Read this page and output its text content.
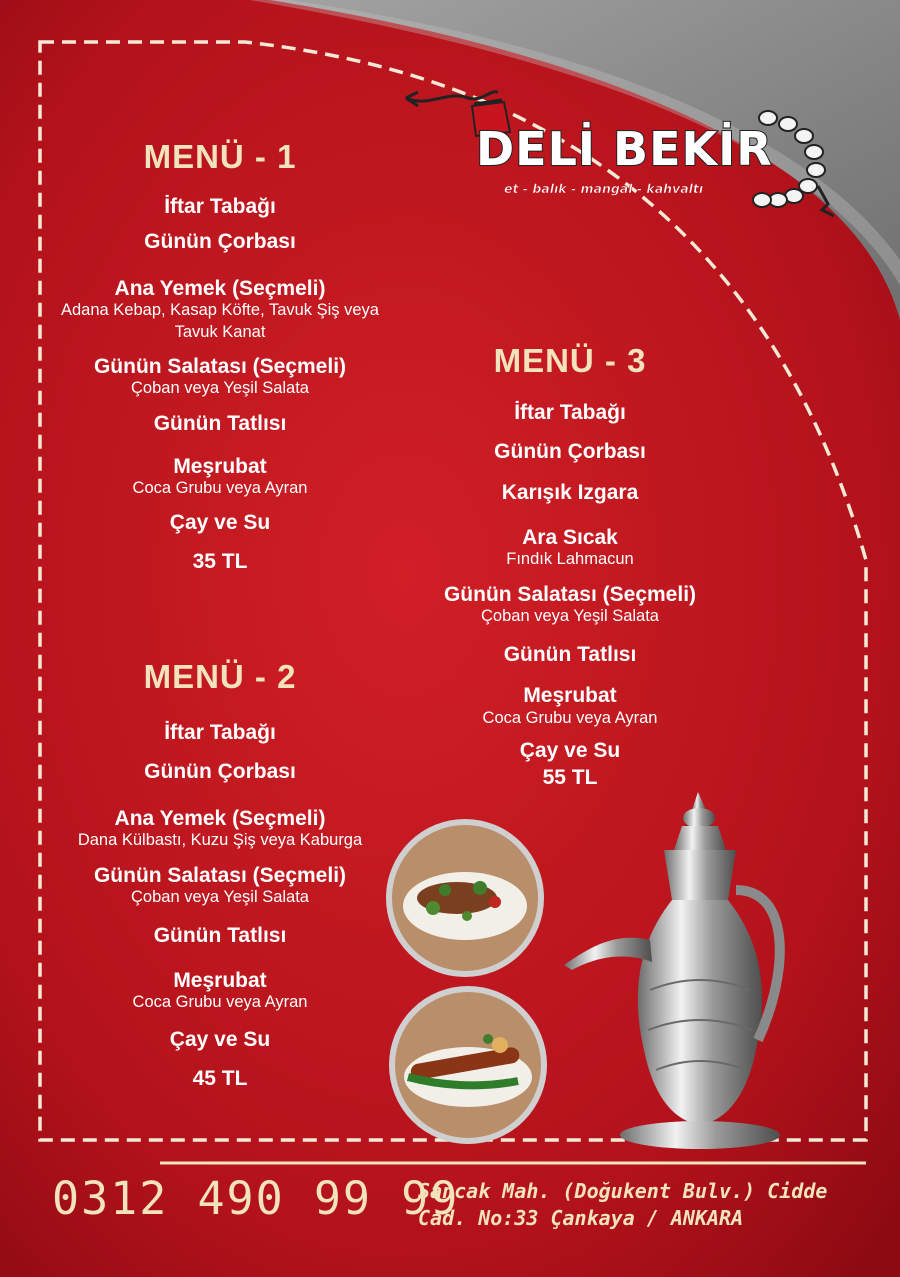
DELİ BEKİR
et - balık - mangal - kahvaltı
MENÜ - 1
İftar Tabağı
Günün Çorbası
Ana Yemek (Seçmeli)
Adana Kebap, Kasap Köfte, Tavuk Şiş veya Tavuk Kanat
Günün Salatası (Seçmeli)
Çoban veya Yeşil Salata
Günün Tatlısı
Meşrubat
Coca Grubu veya Ayran
Çay ve Su
35 TL
MENÜ - 2
İftar Tabağı
Günün Çorbası
Ana Yemek (Seçmeli)
Dana Külbastı, Kuzu Şiş veya Kaburga
Günün Salatası (Seçmeli)
Çoban veya Yeşil Salata
Günün Tatlısı
Meşrubat
Coca Grubu veya Ayran
Çay ve Su
45 TL
MENÜ - 3
İftar Tabağı
Günün Çorbası
Karışık Izgara
Ara Sıcak
Fındık Lahmacun
Günün Salatası (Seçmeli)
Çoban veya Yeşil Salata
Günün Tatlısı
Meşrubat
Coca Grubu veya Ayran
Çay ve Su
55 TL
0312 490 99 99
Sancak Mah. (Doğukent Bulv.) Cidde
Cad. No:33 Çankaya / ANKARA
